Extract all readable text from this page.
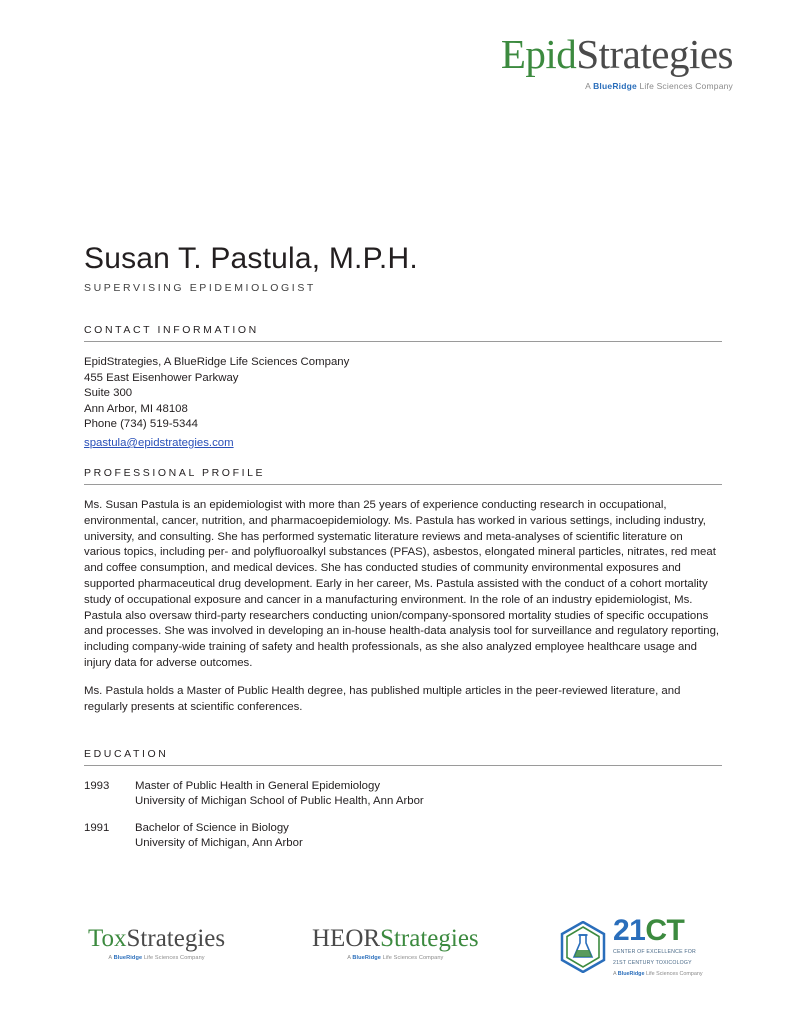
EpidStrategies
A BlueRidge Life Sciences Company
Susan T. Pastula, M.P.H.
SUPERVISING EPIDEMIOLOGIST
CONTACT INFORMATION
EpidStrategies, A BlueRidge Life Sciences Company
455 East Eisenhower Parkway
Suite 300
Ann Arbor, MI 48108
Phone (734) 519-5344
spastula@epidstrategies.com
PROFESSIONAL PROFILE

Ms. Susan Pastula is an epidemiologist with more than 25 years of experience conducting research in occupational, environmental, cancer, nutrition, and pharmacoepidemiology. Ms. Pastula has worked in various settings, including industry, university, and consulting. She has performed systematic literature reviews and meta-analyses of scientific literature on various topics, including per- and polyfluoroalkyl substances (PFAS), asbestos, elongated mineral particles, nitrates, red meat and coffee consumption, and medical devices. She has conducted studies of community environmental exposures and supported pharmaceutical drug development. Early in her career, Ms. Pastula assisted with the conduct of a cohort mortality study of occupational exposure and cancer in a manufacturing environment. In the role of an industry epidemiologist, Ms. Pastula also oversaw third-party researchers conducting union/company-sponsored mortality studies of specific occupations and processes. She was involved in developing an in-house health-data analysis tool for surveillance and regulatory reporting, including company-wide training of safety and health professionals, as she also analyzed employee healthcare usage and injury data for adverse outcomes.

Ms. Pastula holds a Master of Public Health degree, has published multiple articles in the peer-reviewed literature, and regularly presents at scientific conferences.

EDUCATION
1993	Master of Public Health in General Epidemiology
University of Michigan School of Public Health, Ann Arbor
1991	Bachelor of Science in Biology
University of Michigan, Ann Arbor
ToxStrategies
A BlueRidge Life Sciences Company
HEORStrategies
A BlueRidge Life Sciences Company
21CT
CENTER OF EXCELLENCE FOR
21ST CENTURY TOXICOLOGY
A BlueRidge Life Sciences Company
